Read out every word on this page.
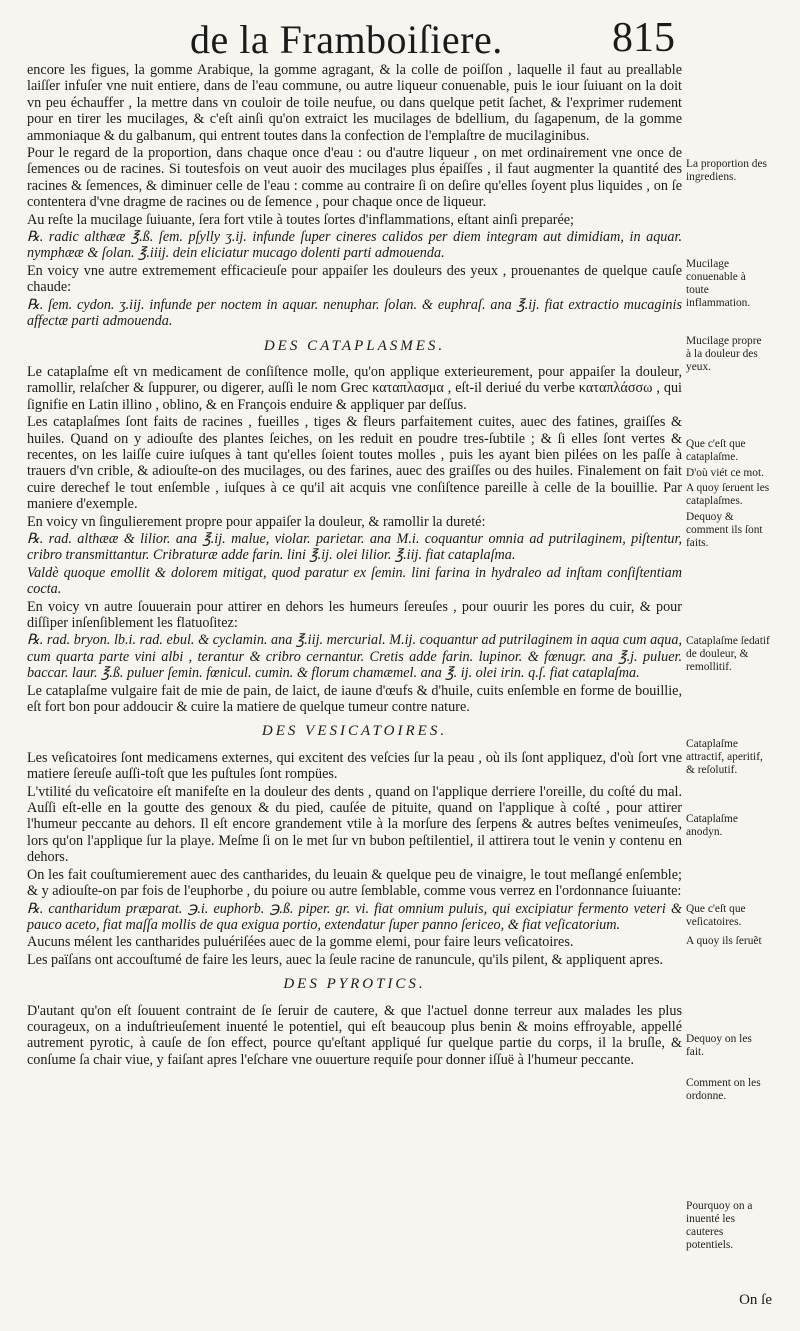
de la Framboiſiere.	815

encore les figues, la gomme Arabique, la gomme agragant, & la colle de poiſſon , laquelle il faut au preallable laiſſer infuſer vne nuit entiere, dans de l'eau commune, ou autre liqueur conuenable, puis le iour ſuiuant on la doit vn peu échauffer , la mettre dans vn couloir de toile neufue, ou dans quelque petit ſachet, & l'exprimer rudement pour en tirer les mucilages, & c'eſt ainſi qu'on extraict les mucilages de bdellium, du ſagapenum, de la gomme ammoniaque & du galbanum, qui entrent toutes dans la confection de l'emplaſtre de mucilaginibus.

Pour le regard de la proportion, dans chaque once d'eau : ou d'autre liqueur , on met ordinairement vne once de ſemences ou de racines. Si toutesfois on veut auoir des mucilages plus épaiſſes , il faut augmenter la quantité des racines & ſemences, & diminuer celle de l'eau : comme au contraire ſi on deſire qu'elles ſoyent plus liquides , on ſe contentera d'vne dragme de racines ou de ſemence , pour chaque once de liqueur.

Au reſte la mucilage ſuiuante, ſera fort vtile à toutes ſortes d'inflammations, eſtant ainſi preparée;

℞. radic althææ ℥.ß. ſem. pſylly ʒ.ij. infunde ſuper cineres calidos per diem integram aut dimidiam, in aquar. nymphææ & ſolan. ℥.iiij. dein eliciatur mucago dolenti parti admouenda.

En voicy vne autre extremement efficacieuſe pour appaiſer les douleurs des yeux , prouenantes de quelque cauſe chaude:

℞. ſem. cydon. ʒ.iij. infunde per noctem in aquar. nenuphar. ſolan. & euphraſ. ana ℥.ij. fiat extractio mucaginis affectæ parti admouenda.

DES CATAPLASMES.

Le cataplaſme eſt vn medicament de conſiſtence molle, qu'on applique exterieurement, pour appaiſer la douleur, ramollir, relaſcher & ſuppurer, ou digerer, auſſi le nom Grec καταπλασμα , eſt-il deriué du verbe καταπλάσσω , qui ſignifie en Latin illino , oblino, & en François enduire & appliquer par deſſus.

Les cataplaſmes ſont faits de racines , fueilles , tiges & fleurs parfaitement cuites, auec des fatines, graiſſes & huiles. Quand on y adiouſte des plantes ſeiches, on les reduit en poudre tres-ſubtile ; & ſi elles ſont vertes & recentes, on les laiſſe cuire iuſques à tant qu'elles ſoient toutes molles , puis les ayant bien pilées on les paſſe à trauers d'vn crible, & adiouſte-on des mucilages, ou des farines, auec des graiſſes ou des huiles. Finalement on fait cuire derechef le tout enſemble , iuſques à ce qu'il ait acquis vne conſiſtence pareille à celle de la bouillie. Par maniere d'exemple.

En voicy vn ſingulierement propre pour appaiſer la douleur, & ramollir la dureté:

℞. rad. althææ & lilior. ana ℥.ij. malue, violar. parietar. ana M.i. coquantur omnia ad putrilaginem, piſtentur, cribro transmittantur. Cribraturæ adde farin. lini ℥.ij. olei lilior. ℥.iij. fiat cataplaſma.

Valdè quoque emollit & dolorem mitigat, quod paratur ex ſemin. lini farina in hydraleo ad inſtam conſiſtentiam cocta.

En voicy vn autre ſouuerain pour attirer en dehors les humeurs ſereuſes , pour ouurir les pores du cuir, & pour diſſiper inſenſiblement les flatuoſitez:

℞. rad. bryon. lb.i. rad. ebul. & cyclamin. ana ℥.iij. mercurial. M.ij. coquantur ad putrilaginem in aqua cum aqua, cum quarta parte vini albi , terantur & cribro cernantur. Cretis adde farin. lupinor. & fœnugr. ana ℥.j. puluer. baccar. laur. ℥.ß. puluer ſemin. fœnicul. cumin. & florum chamæmel. ana ℥. ij. olei irin. q.ſ. fiat cataplaſma.

Le cataplaſme vulgaire fait de mie de pain, de laict, de iaune d'œufs & d'huile, cuits enſemble en forme de bouillie, eſt fort bon pour addoucir & cuire la matiere de quelque tumeur contre nature.

DES VESICATOIRES.

Les veſicatoires ſont medicamens externes, qui excitent des veſcies ſur la peau , où ils ſont appliquez, d'où ſort vne matiere ſereuſe auſſi-toſt que les puſtules ſont rompües.

L'vtilité du veſicatoire eſt manifeſte en la douleur des dents , quand on l'applique derriere l'oreille, du coſté du mal. Auſſi eſt-elle en la goutte des genoux & du pied, cauſée de pituite, quand on l'applique à coſté , pour attirer l'humeur peccante au dehors. Il eſt encore grandement vtile à la morſure des ſerpens & autres beſtes venimeuſes, lors qu'on l'applique ſur la playe. Meſme ſi on le met ſur vn bubon peſtilentiel, il attirera tout le venin y contenu en dehors.

On les fait couſtumierement auec des cantharides, du leuain & quelque peu de vinaigre, le tout meſlangé enſemble; & y adiouſte-on par fois de l'euphorbe , du poiure ou autre ſemblable, comme vous verrez en l'ordonnance ſuiuante:

℞. cantharidum præparat. ℈.i. euphorb. ℈.ß. piper. gr. vi. fiat omnium puluis, qui excipiatur fermento veteri & pauco aceto, fiat maſſa mollis de qua exigua portio, extendatur ſuper panno ſericeo, & fiat veſicatorium.

Aucuns mélent les cantharides puluériſées auec de la gomme elemi, pour faire leurs veſicatoires.

Les païſans ont accouſtumé de faire les leurs, auec la ſeule racine de ranuncule, qu'ils pilent, & appliquent apres.

DES PYROTICS.

D'autant qu'on eſt ſouuent contraint de ſe ſeruir de cautere, & que l'actuel donne terreur aux malades les plus courageux, on a induſtrieuſement inuenté le potentiel, qui eſt beaucoup plus benin & moins effroyable, appellé autrement pyrotic, à cauſe de ſon effect, pource qu'eſtant appliqué ſur quelque partie du corps, il la bruſle, & conſume ſa chair viue, y faiſant apres l'eſchare vne ouuerture requiſe pour donner iſſuë à l'humeur peccante.

La proportion des ingrediens.
Mucilage conuenable à toute inflammation.
Mucilage propre à la douleur des yeux.
Que c'eſt que cataplaſme.
D'où viét ce mot.
A quoy ſeruent les cataplaſmes.
Dequoy & comment ils ſont faits.
Cataplaſme ſedatif de douleur, & remollitif.
Cataplaſme attractif, aperitif, & reſolutif.
Cataplaſme anodyn.
Que c'eſt que veſicatoires.
A quoy ils ſeruẽt
Dequoy on les fait.
Comment on les ordonne.
Pourquoy on a inuenté les cauteres potentiels.
On ſe
